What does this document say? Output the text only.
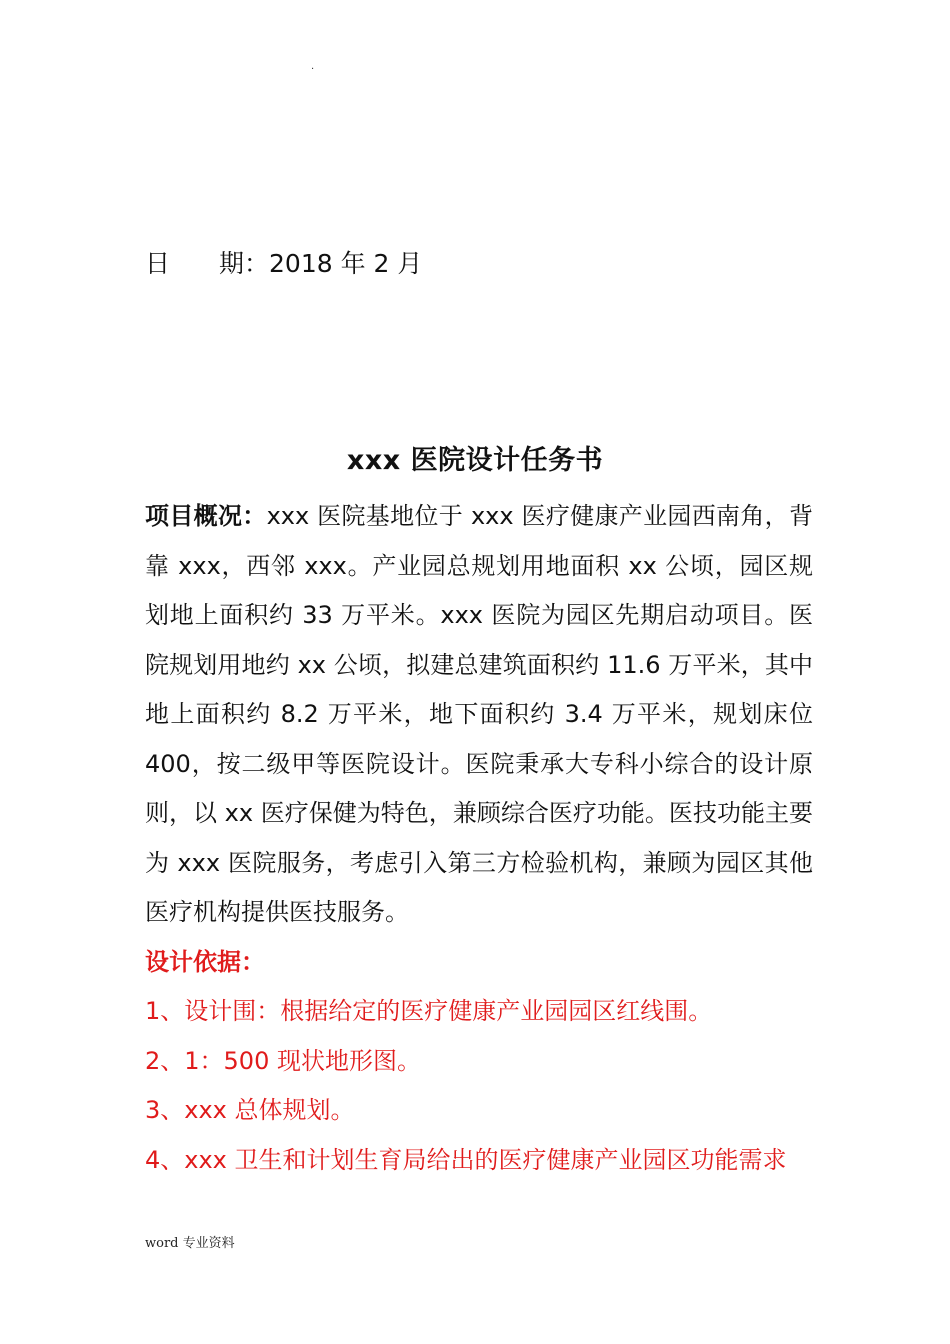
.
日 期：2018 年 2 月
xxx 医院设计任务书

项目概况：xxx 医院基地位于 xxx 医疗健康产业园西南角，背靠 xxx，西邻 xxx。产业园总规划用地面积 xx 公顷，园区规划地上面积约 33 万平米。xxx 医院为园区先期启动项目。医院规划用地约 xx 公顷，拟建总建筑面积约 11.6 万平米，其中地上面积约 8.2 万平米，地下面积约 3.4 万平米，规划床位 400，按二级甲等医院设计。医院秉承大专科小综合的设计原则，以 xx 医疗保健为特色，兼顾综合医疗功能。医技功能主要为 xxx 医院服务，考虑引入第三方检验机构，兼顾为园区其他医疗机构提供医技服务。

设计依据：

1、设计围：根据给定的医疗健康产业园园区红线围。
2、1：500 现状地形图。
3、xxx 总体规划。
4、xxx 卫生和计划生育局给出的医疗健康产业园区功能需求
word 专业资料
